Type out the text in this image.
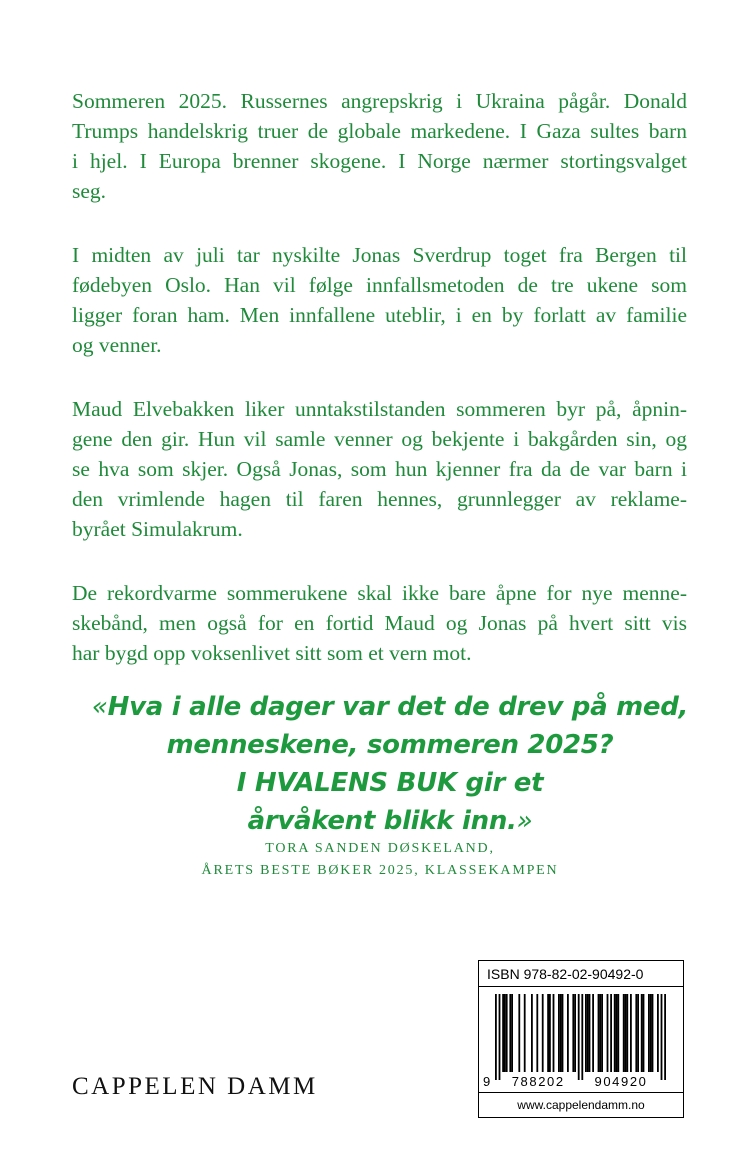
Sommeren 2025. Russernes angrepskrig i Ukraina pågår. Donald
Trumps handelskrig truer de globale markedene. I Gaza sultes barn
i hjel. I Europa brenner skogene. I Norge nærmer stortingsvalget
seg.

I midten av juli tar nyskilte Jonas Sverdrup toget fra Bergen til
fødebyen Oslo. Han vil følge innfallsmetoden de tre ukene som
ligger foran ham. Men innfallene uteblir, i en by forlatt av familie
og venner.

Maud Elvebakken liker unntakstilstanden sommeren byr på, åpnin-
gene den gir. Hun vil samle venner og bekjente i bakgården sin, og
se hva som skjer. Også Jonas, som hun kjenner fra da de var barn i
den vrimlende hagen til faren hennes, grunnlegger av reklame-
byrået Simulakrum.

De rekordvarme sommerukene skal ikke bare åpne for nye menne-
skebånd, men også for en fortid Maud og Jonas på hvert sitt vis
har bygd opp voksenlivet sitt som et vern mot.

«Hva i alle dager var det de drev på med,
menneskene, sommeren 2025?
I HVALENS BUK gir et
årvåkent blikk inn.»
TORA SANDEN DØSKELAND,
ÅRETS BESTE BØKER 2025, KLASSEKAMPEN
CAPPELEN DAMM
ISBN 978-82-02-90492-0
9 788202 904920
www.cappelendamm.no
